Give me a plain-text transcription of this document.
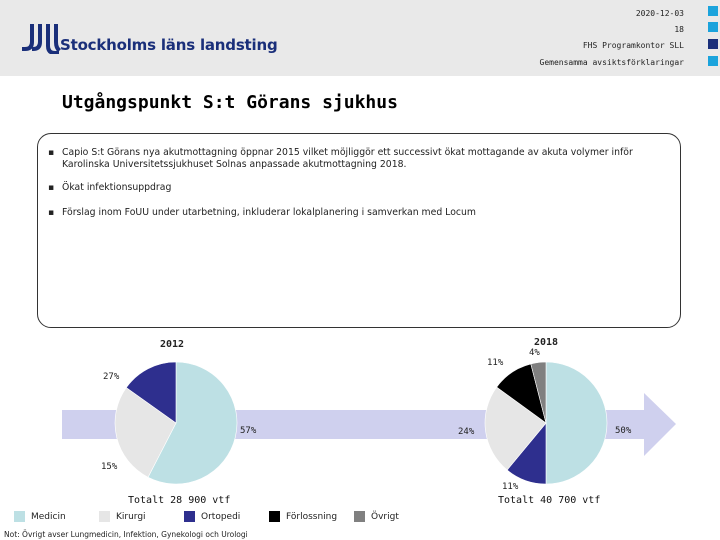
Stockholms läns landsting
2020-12-03
18
FHS Programkontor SLL
Gemensamma avsiktsförklaringar
Utgångspunkt S:t Görans sjukhus
▪ Capio S:t Görans nya akutmottagning öppnar 2015 vilket möjliggör ett successivt ökat mottagande av akuta volymer inför Karolinska Universitetssjukhuset Solnas anpassade akutmottagning 2018.
▪ Ökat infektionsuppdrag
▪ Förslag inom FoUU under utarbetning, inkluderar lokalplanering i samverkan med Locum
2012	2018
57%
27%
15%
50%
11%
24%
11%
4%
Totalt 28 900 vtf	Totalt 40 700 vtf
Medicin	Kirurgi	Ortopedi	Förlossning	Övrigt
Not: Övrigt avser Lungmedicin, Infektion, Gynekologi och Urologi
